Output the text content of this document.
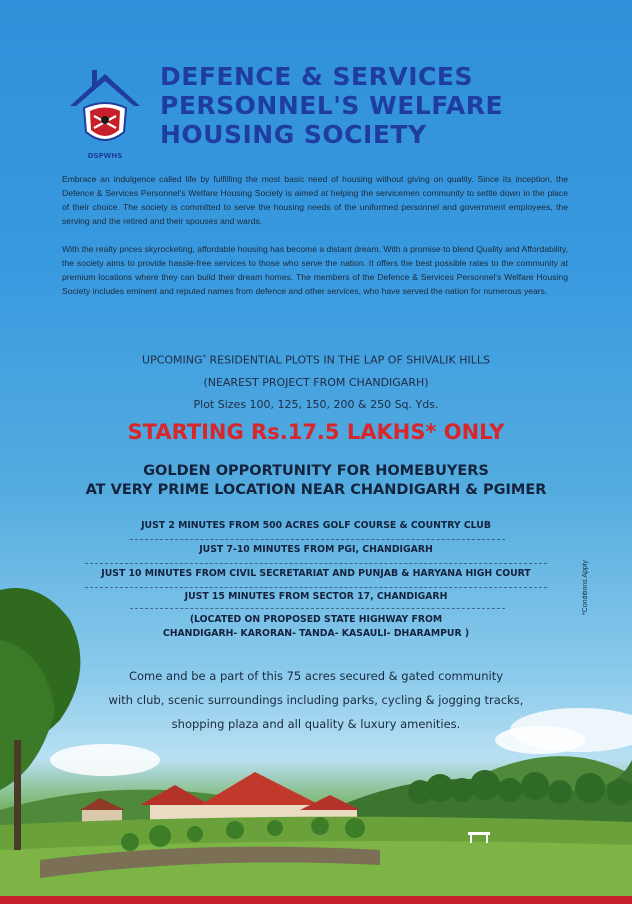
DSPWHS
DEFENCE & SERVICES
PERSONNEL'S WELFARE
HOUSING SOCIETY
Embrace an indulgence called life by fulfilling the most basic need of housing without giving on quality. Since its inception, the Defence & Services Personnel's Welfare Housing Society is aimed at helping the servicemen community to settle down in the place of their choice. The society is committed to serve the housing needs of the uniformed personnel and government employees, the serving and the retired and their spouses and wards.
With the realty prices skyrocketing, affordable housing has become a distant dream. With a promise to blend Quality and Affordability, the society aims to provide hassle-free services to those who serve the nation. It offers the best possible rates to the community at premium locations where they can build their dream homes. The members of the Defence & Services Personnel's Welfare Housing Society includes eminent and reputed names from defence and other services, who have served the nation for numerous years.
UPCOMING* RESIDENTIAL PLOTS IN THE LAP OF SHIVALIK HILLS
(NEAREST PROJECT FROM CHANDIGARH)
Plot Sizes 100, 125, 150, 200 & 250 Sq. Yds.
STARTING Rs.17.5 LAKHS* ONLY
GOLDEN OPPORTUNITY FOR HOMEBUYERS
AT VERY PRIME LOCATION NEAR CHANDIGARH & PGIMER
JUST 2 MINUTES FROM 500 ACRES GOLF COURSE & COUNTRY CLUB
JUST 7-10 MINUTES FROM PGI, CHANDIGARH
JUST 10 MINUTES FROM CIVIL SECRETARIAT AND PUNJAB & HARYANA HIGH COURT
JUST 15 MINUTES FROM SECTOR 17, CHANDIGARH
(LOCATED ON PROPOSED STATE HIGHWAY FROM
CHANDIGARH- KARORAN- TANDA- KASAULI- DHARAMPUR )
Come and be a part of this 75 acres secured & gated community
with club, scenic surroundings including parks, cycling & jogging tracks,
shopping plaza and all quality & luxury amenities.
*Conditions Apply
